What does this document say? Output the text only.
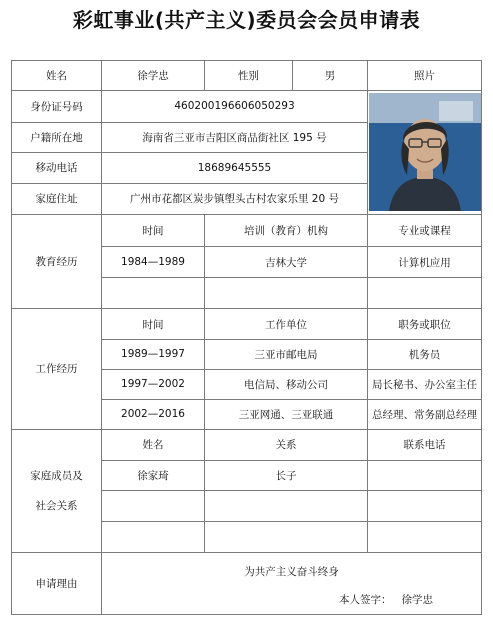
彩虹事业(共产主义)委员会会员申请表
姓名	徐学忠	性别	男	照片
身份证号码	460200196606050293	

户籍所在地	海南省三亚市吉阳区商品街社区 195 号			
移动电话	18689645555			
家庭住址	广州市花都区炭步镇塱头古村农家乐里 20 号			
教育经历	时间	培训（教育）机构		专业或课程
	1984—1989	吉林大学		计算机应用

工作经历	时间	工作单位		职务或职位
	1989—1997	三亚市邮电局		机务员
	1997—2002	电信局、移动公司		局长秘书、办公室主任
	2002—2016	三亚网通、三亚联通		总经理、常务副总经理

家庭成员及
社会关系	姓名	关系		联系电话
	徐家琦	长子		

申请理由	为共产主义奋斗终身
本人签字： 徐学忠			
